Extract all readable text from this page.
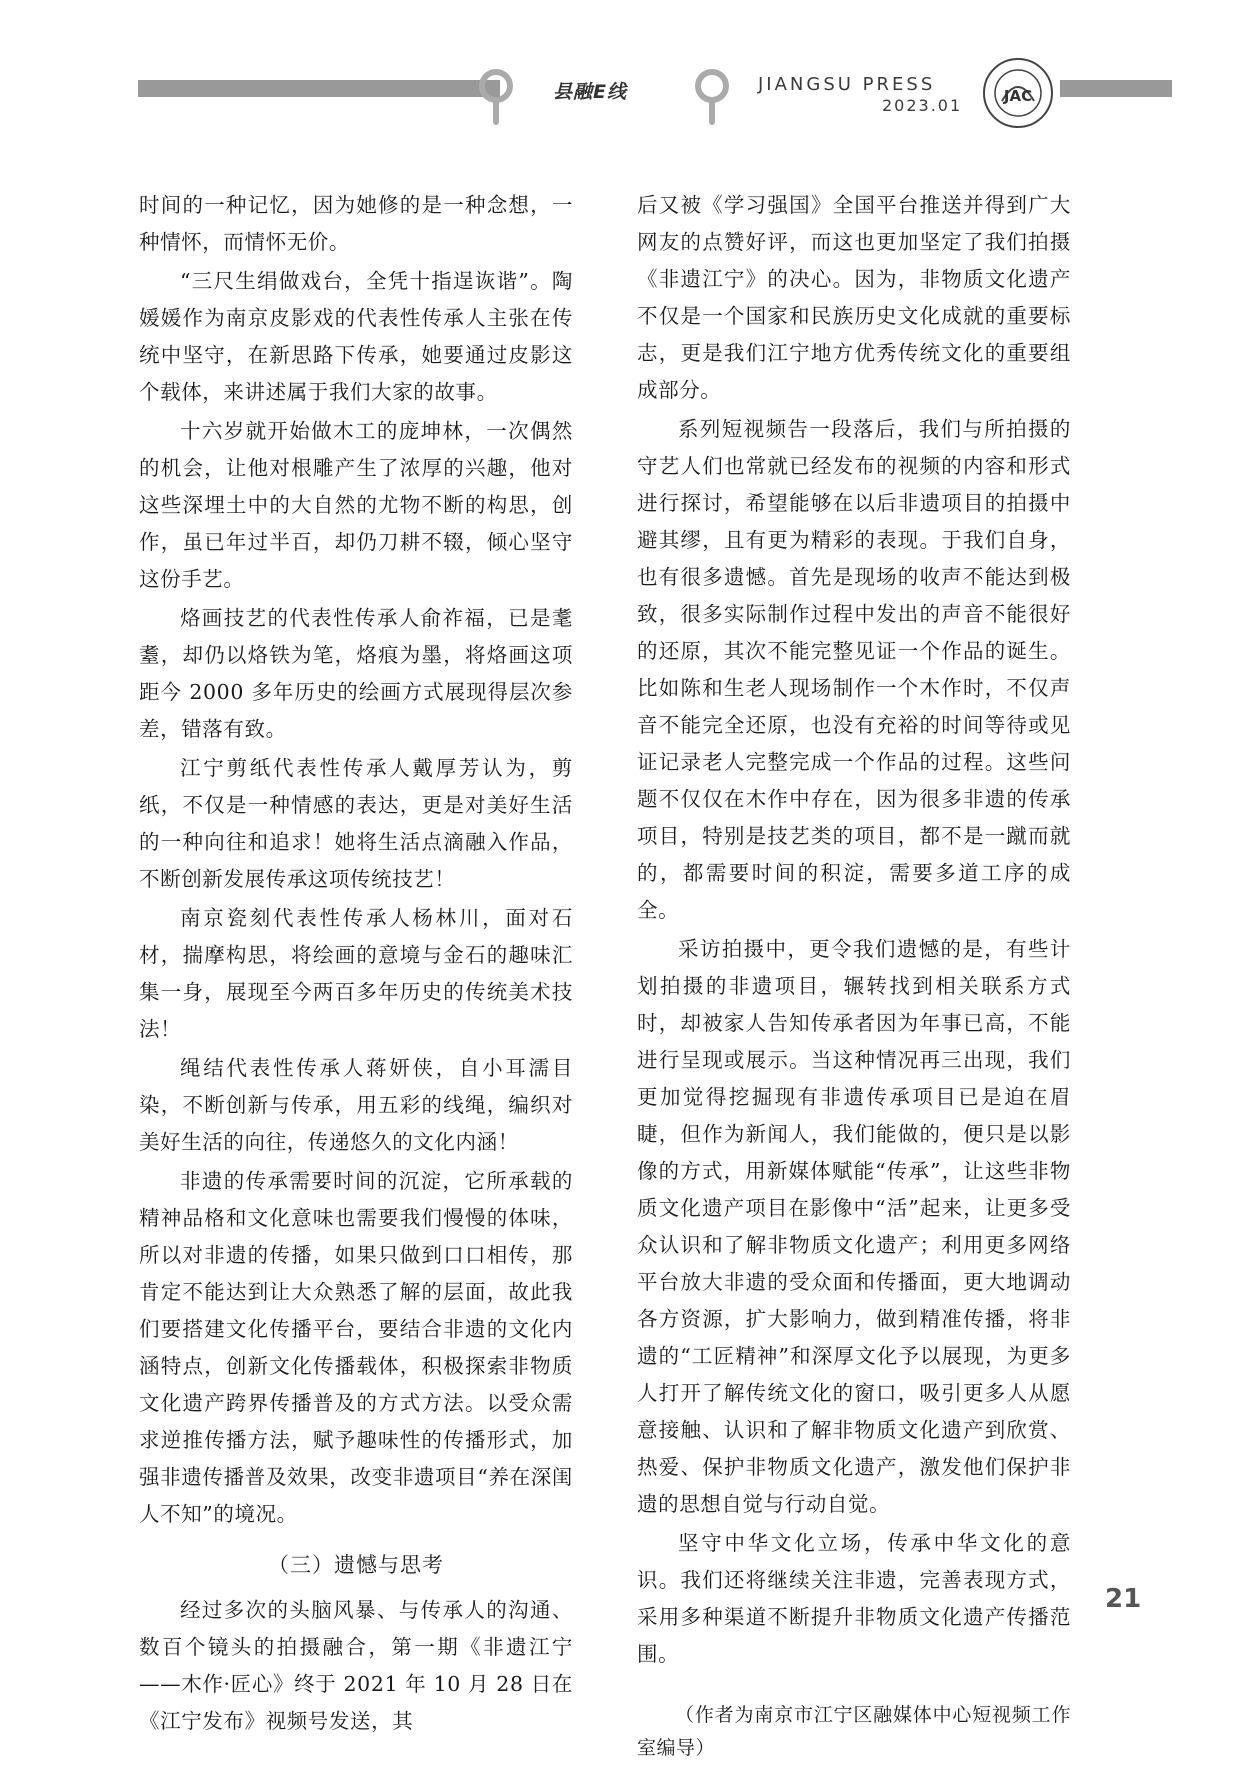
县融E线	JIANGSU PRESS
2023.01	JAC

时间的一种记忆，因为她修的是一种念想，一种情怀，而情怀无价。

“三尺生绢做戏台，全凭十指逞诙谐”。陶媛媛作为南京皮影戏的代表性传承人主张在传统中坚守，在新思路下传承，她要通过皮影这个载体，来讲述属于我们大家的故事。

十六岁就开始做木工的庞坤林，一次偶然的机会，让他对根雕产生了浓厚的兴趣，他对这些深埋土中的大自然的尤物不断的构思，创作，虽已年过半百，却仍刀耕不辍，倾心坚守这份手艺。

烙画技艺的代表性传承人俞祚福，已是耄耋，却仍以烙铁为笔，烙痕为墨，将烙画这项距今 2000 多年历史的绘画方式展现得层次参差，错落有致。

江宁剪纸代表性传承人戴厚芳认为，剪纸，不仅是一种情感的表达，更是对美好生活的一种向往和追求！她将生活点滴融入作品，不断创新发展传承这项传统技艺！

南京瓷刻代表性传承人杨林川，面对石材，揣摩构思，将绘画的意境与金石的趣味汇集一身，展现至今两百多年历史的传统美术技法！

绳结代表性传承人蒋妍侠，自小耳濡目染，不断创新与传承，用五彩的线绳，编织对美好生活的向往，传递悠久的文化内涵！

非遗的传承需要时间的沉淀，它所承载的精神品格和文化意味也需要我们慢慢的体味，所以对非遗的传播，如果只做到口口相传，那肯定不能达到让大众熟悉了解的层面，故此我们要搭建文化传播平台，要结合非遗的文化内涵特点，创新文化传播载体，积极探索非物质文化遗产跨界传播普及的方式方法。以受众需求逆推传播方法，赋予趣味性的传播形式，加强非遗传播普及效果，改变非遗项目“养在深闺人不知”的境况。

（三）遗憾与思考

经过多次的头脑风暴、与传承人的沟通、数百个镜头的拍摄融合，第一期《非遗江宁——木作·匠心》终于 2021 年 10 月 28 日在《江宁发布》视频号发送，其

后又被《学习强国》全国平台推送并得到广大网友的点赞好评，而这也更加坚定了我们拍摄《非遗江宁》的决心。因为，非物质文化遗产不仅是一个国家和民族历史文化成就的重要标志，更是我们江宁地方优秀传统文化的重要组成部分。

系列短视频告一段落后，我们与所拍摄的守艺人们也常就已经发布的视频的内容和形式进行探讨，希望能够在以后非遗项目的拍摄中避其缪，且有更为精彩的表现。于我们自身，也有很多遗憾。首先是现场的收声不能达到极致，很多实际制作过程中发出的声音不能很好的还原，其次不能完整见证一个作品的诞生。比如陈和生老人现场制作一个木作时，不仅声音不能完全还原，也没有充裕的时间等待或见证记录老人完整完成一个作品的过程。这些问题不仅仅在木作中存在，因为很多非遗的传承项目，特别是技艺类的项目，都不是一蹴而就的，都需要时间的积淀，需要多道工序的成全。

采访拍摄中，更令我们遗憾的是，有些计划拍摄的非遗项目，辗转找到相关联系方式时，却被家人告知传承者因为年事已高，不能进行呈现或展示。当这种情况再三出现，我们更加觉得挖掘现有非遗传承项目已是迫在眉睫，但作为新闻人，我们能做的，便只是以影像的方式，用新媒体赋能“传承”，让这些非物质文化遗产项目在影像中“活”起来，让更多受众认识和了解非物质文化遗产；利用更多网络平台放大非遗的受众面和传播面，更大地调动各方资源，扩大影响力，做到精准传播，将非遗的“工匠精神”和深厚文化予以展现，为更多人打开了解传统文化的窗口，吸引更多人从愿意接触、认识和了解非物质文化遗产到欣赏、热爱、保护非物质文化遗产，激发他们保护非遗的思想自觉与行动自觉。

坚守中华文化立场，传承中华文化的意识。我们还将继续关注非遗，完善表现方式，采用多种渠道不断提升非物质文化遗产传播范围。

（作者为南京市江宁区融媒体中心短视频工作室编导）

21
